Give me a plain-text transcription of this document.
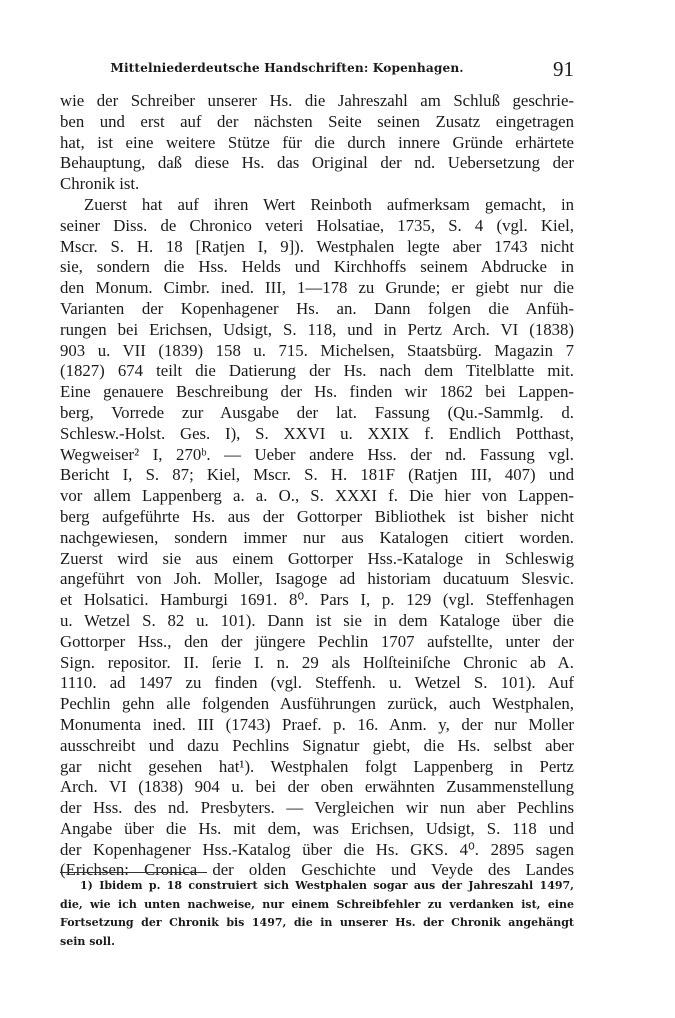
Mittelniederdeutsche Handschriften: Kopenhagen.	91
wie der Schreiber unserer Hs. die Jahreszahl am Schluß geschrie-
ben und erst auf der nächsten Seite seinen Zusatz eingetragen
hat, ist eine weitere Stütze für die durch innere Gründe erhärtete
Behauptung, daß diese Hs. das Original der nd. Uebersetzung der
Chronik ist.
Zuerst hat auf ihren Wert Reinboth aufmerksam gemacht, in
seiner Diss. de Chronico veteri Holsatiae, 1735, S. 4 (vgl. Kiel,
Mscr. S. H. 18 [Ratjen I, 9]). Westphalen legte aber 1743 nicht
sie, sondern die Hss. Helds und Kirchhoffs seinem Abdrucke in
den Monum. Cimbr. ined. III, 1—178 zu Grunde; er giebt nur die
Varianten der Kopenhagener Hs. an. Dann folgen die Anfüh-
rungen bei Erichsen, Udsigt, S. 118, und in Pertz Arch. VI (1838)
903 u. VII (1839) 158 u. 715. Michelsen, Staatsbürg. Magazin 7
(1827) 674 teilt die Datierung der Hs. nach dem Titelblatte mit.
Eine genauere Beschreibung der Hs. finden wir 1862 bei Lappen-
berg, Vorrede zur Ausgabe der lat. Fassung (Qu.-Sammlg. d.
Schlesw.-Holst. Ges. I), S. XXVI u. XXIX f. Endlich Potthast,
Wegweiser² I, 270ᵇ. — Ueber andere Hss. der nd. Fassung vgl.
Bericht I, S. 87; Kiel, Mscr. S. H. 181F (Ratjen III, 407) und
vor allem Lappenberg a. a. O., S. XXXI f. Die hier von Lappen-
berg aufgeführte Hs. aus der Gottorper Bibliothek ist bisher nicht
nachgewiesen, sondern immer nur aus Katalogen citiert worden.
Zuerst wird sie aus einem Gottorper Hss.-Kataloge in Schleswig
angeführt von Joh. Moller, Isagoge ad historiam ducatuum Slesvic.
et Holsatici. Hamburgi 1691. 8⁰. Pars I, p. 129 (vgl. Steffenhagen
u. Wetzel S. 82 u. 101). Dann ist sie in dem Kataloge über die
Gottorper Hss., den der jüngere Pechlin 1707 aufstellte, unter der
Sign. repositor. II. ſerie I. n. 29 als Holſteiniſche Chronic ab A.
1110. ad 1497 zu finden (vgl. Steffenh. u. Wetzel S. 101). Auf
Pechlin gehn alle folgenden Ausführungen zurück, auch Westphalen,
Monumenta ined. III (1743) Praef. p. 16. Anm. y, der nur Moller
ausschreibt und dazu Pechlins Signatur giebt, die Hs. selbst aber
gar nicht gesehen hat¹). Westphalen folgt Lappenberg in Pertz
Arch. VI (1838) 904 u. bei der oben erwähnten Zusammenstellung
der Hss. des nd. Presbyters. — Vergleichen wir nun aber Pechlins
Angabe über die Hs. mit dem, was Erichsen, Udsigt, S. 118 und
der Kopenhagener Hss.-Katalog über die Hs. GKS. 4⁰. 2895 sagen
(Erichsen: Cronica der olden Geschichte und Veyde des Landes
1) Ibidem p. 18 construiert sich Westphalen sogar aus der Jahreszahl 1497,
die, wie ich unten nachweise, nur einem Schreibfehler zu verdanken ist, eine
Fortsetzung der Chronik bis 1497, die in unserer Hs. der Chronik angehängt
sein soll.
